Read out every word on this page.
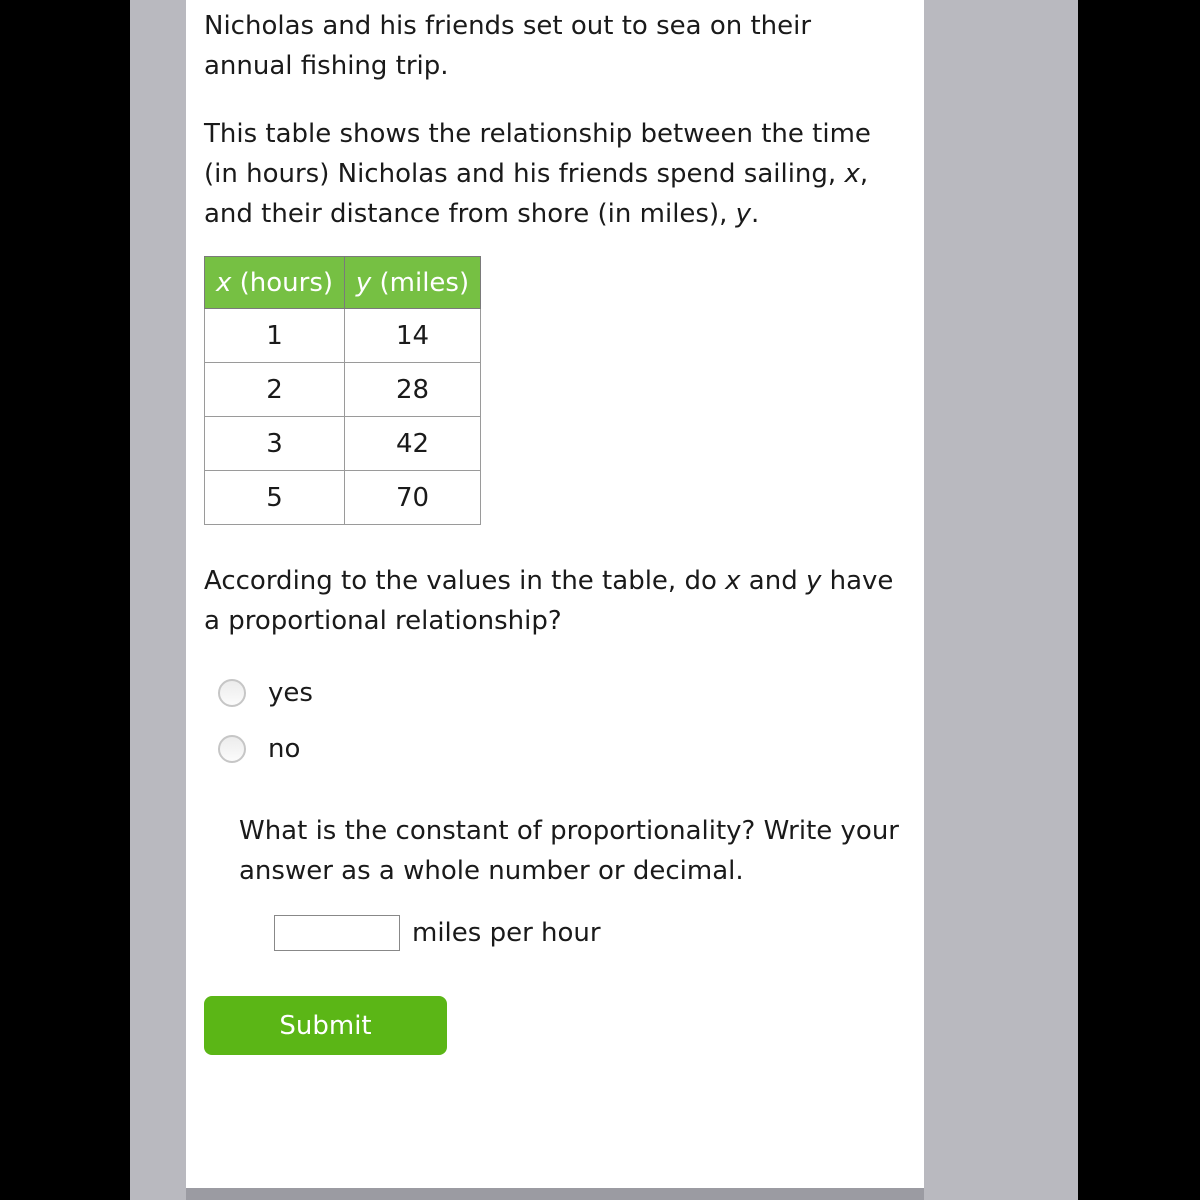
Nicholas and his friends set out to sea on their annual fishing trip.

This table shows the relationship between the time (in hours) Nicholas and his friends spend sailing, x, and their distance from shore (in miles), y.

x (hours)	y (miles)
1	14
2	28
3	42
5	70

According to the values in the table, do x and y have a proportional relationship?

yes
no

What is the constant of proportionality? Write your answer as a whole number or decimal.

miles per hour
Submit
